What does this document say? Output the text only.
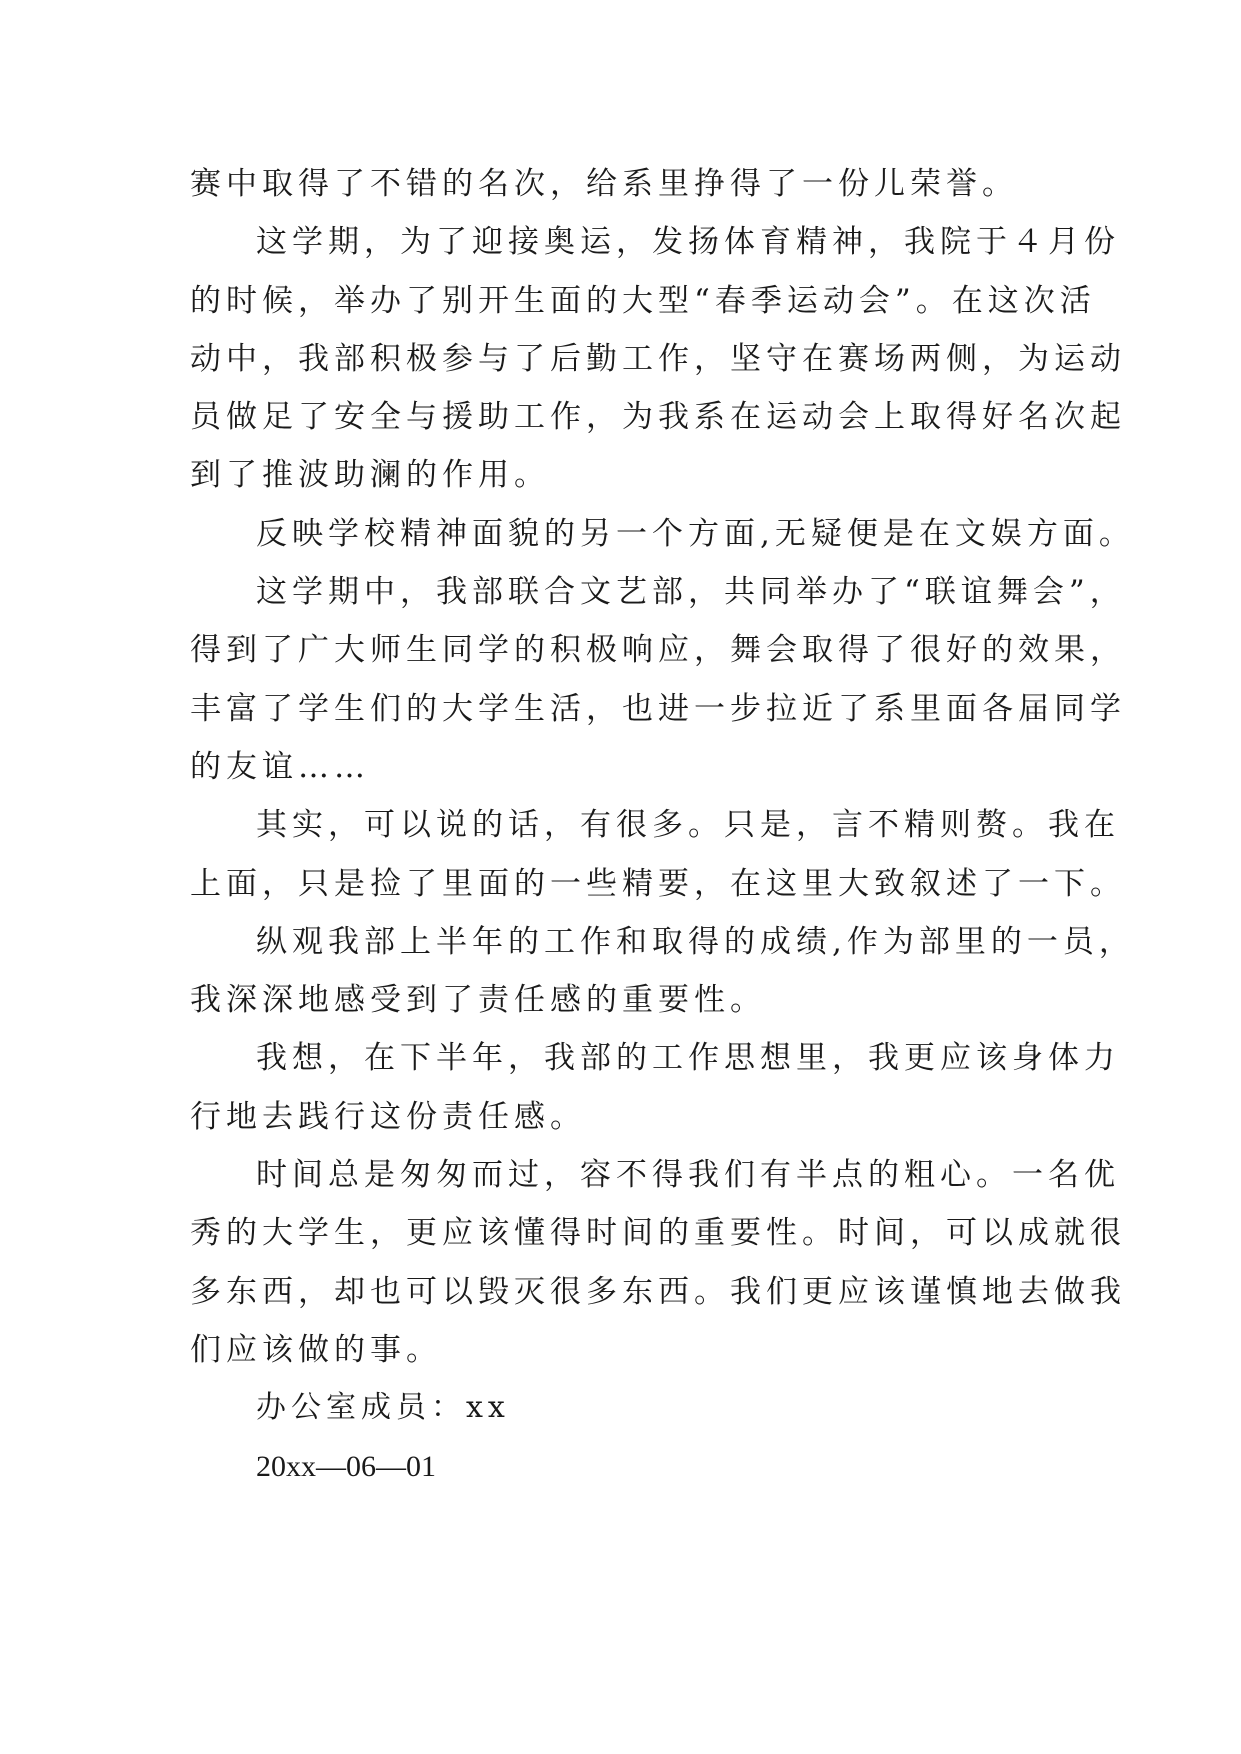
赛中取得了不错的名次，给系里挣得了一份儿荣誉。
这学期，为了迎接奥运，发扬体育精神，我院于４月份
的时候，举办了别开生面的大型“春季运动会”。在这次活
动中，我部积极参与了后勤工作，坚守在赛场两侧，为运动
员做足了安全与援助工作，为我系在运动会上取得好名次起
到了推波助澜的作用。
反映学校精神面貌的另一个方面,无疑便是在文娱方面。
这学期中，我部联合文艺部，共同举办了“联谊舞会”，
得到了广大师生同学的积极响应，舞会取得了很好的效果，
丰富了学生们的大学生活，也进一步拉近了系里面各届同学
的友谊……
其实，可以说的话，有很多。只是，言不精则赘。我在
上面，只是捡了里面的一些精要，在这里大致叙述了一下。
纵观我部上半年的工作和取得的成绩,作为部里的一员，
我深深地感受到了责任感的重要性。
我想，在下半年，我部的工作思想里，我更应该身体力
行地去践行这份责任感。
时间总是匆匆而过，容不得我们有半点的粗心。一名优
秀的大学生，更应该懂得时间的重要性。时间，可以成就很
多东西，却也可以毁灭很多东西。我们更应该谨慎地去做我
们应该做的事。
办公室成员：xx
20xx—06—01
